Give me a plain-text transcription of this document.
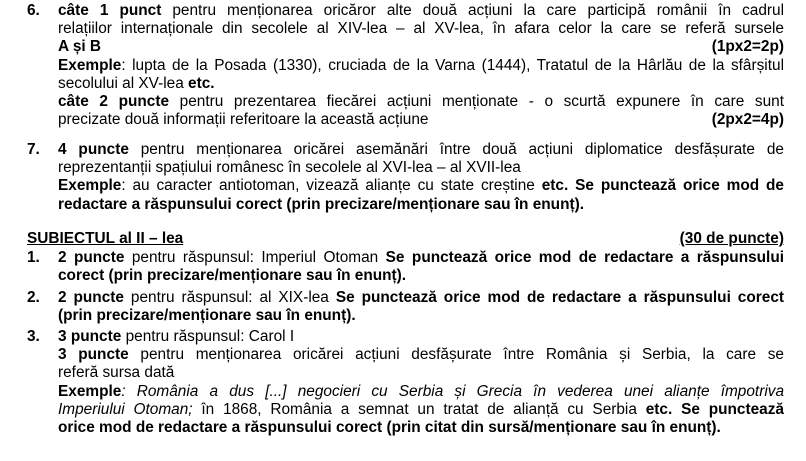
6. câte 1 punct pentru menționarea oricăror alte două acțiuni la care participă românii în cadrul
relațiilor internaționale din secolele al XIV-lea – al XV-lea, în afara celor la care se referă sursele
A și B	(1px2=2p)
Exemple: lupta de la Posada (1330), cruciada de la Varna (1444), Tratatul de la Hârlău de la sfârșitul
secolului al XV-lea etc.
câte 2 puncte pentru prezentarea fiecărei acțiuni menționate - o scurtă expunere în care sunt
precizate două informații referitoare la această acțiune	(2px2=4p)
7. 4 puncte pentru menționarea oricărei asemănări între două acțiuni diplomatice desfășurate de
reprezentanții spațiului românesc în secolele al XVI-lea – al XVII-lea
Exemple: au caracter antiotoman, vizează alianțe cu state creștine etc. Se punctează orice mod de
redactare a răspunsului corect (prin precizare/menționare sau în enunț).
SUBIECTUL al II – lea	(30 de puncte)
1. 2 puncte pentru răspunsul: Imperiul Otoman Se punctează orice mod de redactare a răspunsului
corect (prin precizare/menționare sau în enunț).
2. 2 puncte pentru răspunsul: al XIX-lea Se punctează orice mod de redactare a răspunsului corect
(prin precizare/menționare sau în enunț).
3. 3 puncte pentru răspunsul: Carol I
3 puncte pentru menționarea oricărei acțiuni desfășurate între România și Serbia, la care se
referă sursa dată
Exemple: România a dus [...] negocieri cu Serbia și Grecia în vederea unei alianțe împotriva
Imperiului Otoman; în 1868, România a semnat un tratat de alianță cu Serbia etc. Se punctează
orice mod de redactare a răspunsului corect (prin citat din sursă/menționare sau în enunț).
